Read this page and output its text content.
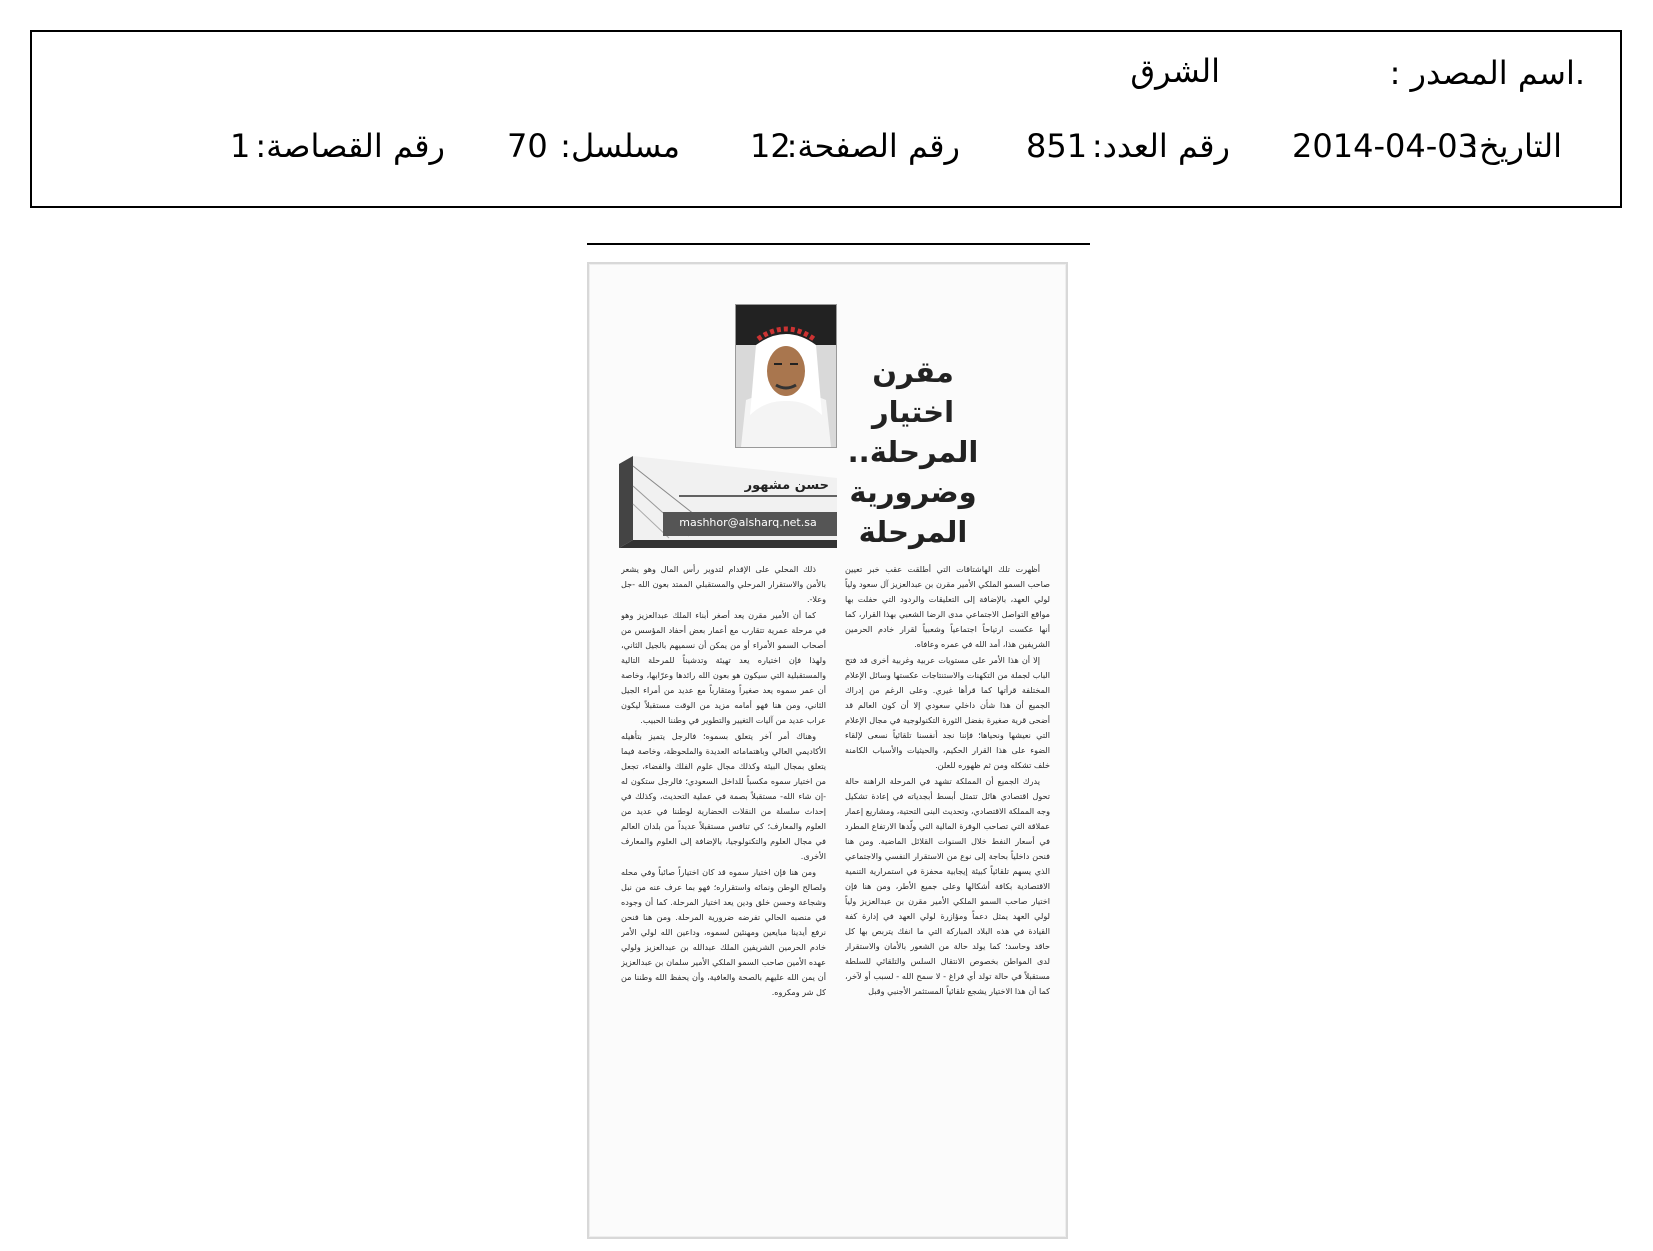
.اسم المصدر :
الشرق
التاريخ:
2014-04-03
رقم العدد:
851
رقم الصفحة:
12
مسلسل:
70
رقم القصاصة:
1
مقرن اختيار المرحلة.. وضرورية المرحلة
حسن مشهور
mashhor@alsharq.net.sa

أظهرت تلك الهاشتاقات التي أطلقت عقب خبر تعيين صاحب السمو الملكي الأمير مقرن بن عبدالعزيز آل سعود ولياً لولي العهد، بالإضافة إلى التعليقات والردود التي حفلت بها مواقع التواصل الاجتماعي مدى الرضا الشعبي بهذا القرار، كما أنها عكست ارتياحاً اجتماعياً وشعبياً لقرار خادم الحرمين الشريفين هذا، أمد الله في عمره وعافاه.

إلا أن هذا الأمر على مستويات عربية وغربية أخرى قد فتح الباب لجملة من التكهنات والاستنتاجات عكستها وسائل الإعلام المختلفة قرأتها كما قرأها غيري. وعلى الرغم من إدراك الجميع أن هذا شأن داخلي سعودي إلا أن كون العالم قد أضحى قرية صغيرة بفضل الثورة التكنولوجية في مجال الإعلام التي نعيشها ونحياها؛ فإننا نجد أنفسنا تلقائياً نسعى لإلقاء الضوء على هذا القرار الحكيم، والحيثيات والأسباب الكامنة خلف تشكله ومن ثم ظهوره للعلن.

يدرك الجميع أن المملكة تشهد في المرحلة الراهنة حالة تحول اقتصادي هائل تتمثل أبسط أبجدياته في إعادة تشكيل وجه المملكة الاقتصادي، وتحديث البنى التحتية، ومشاريع إعمار عملاقة التي تصاحب الوفرة المالية التي ولّدها الارتفاع المطرد في أسعار النفط خلال السنوات القلائل الماضية. ومن هنا فنحن داخلياً بحاجة إلى نوع من الاستقرار النفسي والاجتماعي الذي يسهم تلقائياً كبيئة إيجابية محفزة في استمرارية التنمية الاقتصادية بكافة أشكالها وعلى جميع الأطر، ومن هنا فإن اختيار صاحب السمو الملكي الأمير مقرن بن عبدالعزيز ولياً لولي العهد يمثل دعماً ومؤازرة لولي العهد في إدارة كفة القيادة في هذه البلاد المباركة التي ما انفك يتربص بها كل حاقد وحاسد؛ كما يولد حالة من الشعور بالأمان والاستقرار لدى المواطن بخصوص الانتقال السلس والتلقائي للسلطة مستقبلاً في حالة تولد أي فراغ - لا سمح الله - لسبب أو لآخر، كما أن هذا الاختيار يشجع تلقائياً المستثمر الأجنبي وقبل

ذلك المحلي على الإقدام لتدوير رأس المال وهو يشعر بالأمن والاستقرار المرحلي والمستقبلي الممتد بعون الله -جل وعلا-.

كما أن الأمير مقرن يعد أصغر أبناء الملك عبدالعزيز وهو في مرحلة عمرية تتقارب مع أعمار بعض أحفاد المؤسس من أصحاب السمو الأمراء أو من يمكن أن نسميهم بالجيل الثاني، ولهذا فإن اختياره يعد تهيئة وتدشيناً للمرحلة التالية والمستقبلية التي سيكون هو بعون الله رائدها وعرّابها، وخاصة أن عمر سموه يعد صغيراً ومتقارباً مع عديد من أمراء الجيل الثاني، ومن هنا فهو أمامه مزيد من الوقت مستقبلاً ليكون عراب عديد من آليات التغيير والتطوير في وطننا الحبيب.

وهناك أمر آخر يتعلق بسموه؛ فالرجل يتميز بتأهيله الأكاديمي العالي وباهتماماته العديدة والملحوظة، وخاصة فيما يتعلق بمجال البيئة وكذلك مجال علوم الفلك والفضاء، تجعل من اختيار سموه مكسباً للداخل السعودي؛ فالرجل ستكون له -إن شاء الله- مستقبلاً بصمة في عملية التحديث، وكذلك في إحداث سلسلة من النقلات الحضارية لوطننا في عديد من العلوم والمعارف؛ كي تنافس مستقبلاً عديداً من بلدان العالم في مجال العلوم والتكنولوجيا، بالإضافة إلى العلوم والمعارف الأخرى.

ومن هنا فإن اختيار سموه قد كان اختياراً صائباً وفي محله ولصالح الوطن ونمائه واستقراره؛ فهو بما عرف عنه من نبل وشجاعة وحسن خلق ودين يعد اختيار المرحلة. كما أن وجوده في منصبه الحالي تفرضه ضرورية المرحلة. ومن هنا فنحن نرفع أيدينا مبايعين ومهنئين لسموه، وداعين الله لولي الأمر خادم الحرمين الشريفين الملك عبدالله بن عبدالعزيز ولولي عهده الأمين صاحب السمو الملكي الأمير سلمان بن عبدالعزيز أن يمن الله عليهم بالصحة والعافية، وأن يحفظ الله وطننا من كل شر ومكروه.
